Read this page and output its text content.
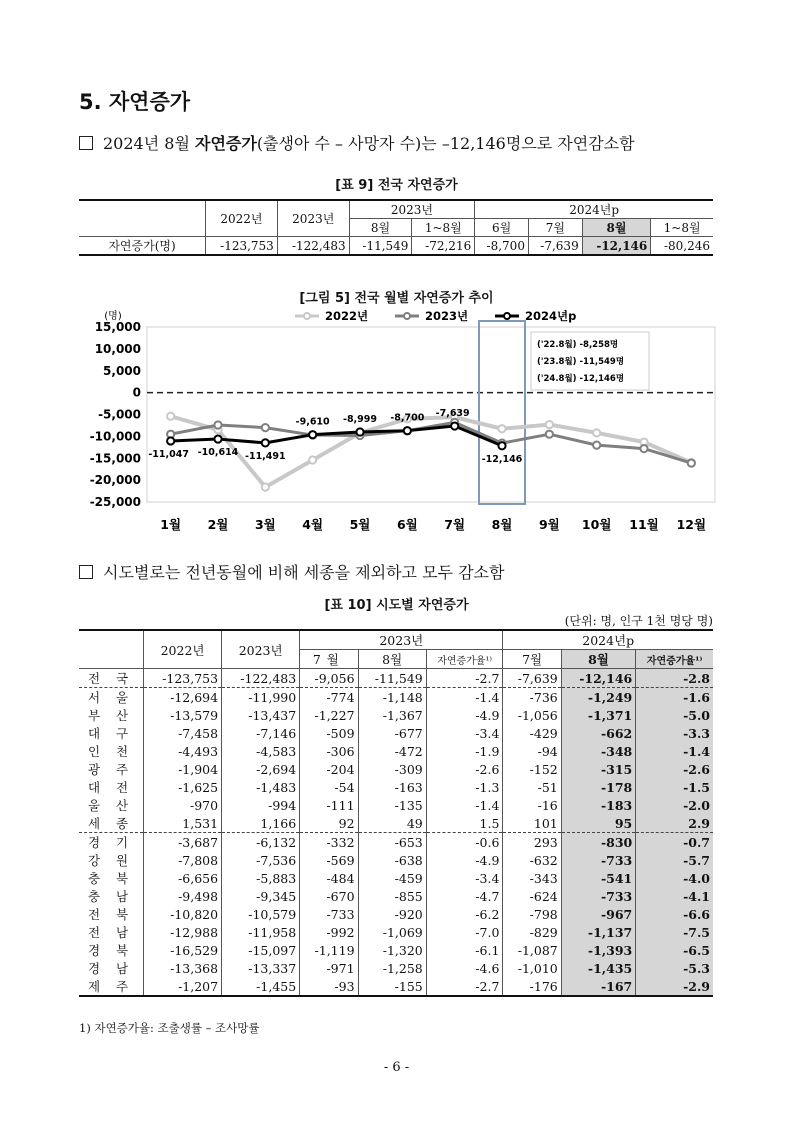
5. 자연증가
2024년 8월 자연증가(출생아 수 – 사망자 수)는 –12,146명으로 자연감소함
[표 9] 전국 자연증가
	2022년	2023년	2023년		2024년p			
			8월	1~8월	6월	7월	8월	1~8월
자연증가(명)	-123,753	-122,483	-11,549	-72,216	-8,700	-7,639	-12,146	-80,246
[그림 5] 전국 월별 자연증가 추이
15,000
10,000
5,000
0
-5,000
-10,000
-15,000
-20,000
-25,000
(명)
1월 2월 3월 4월 5월 6월 7월 8월 9월 10월 11월 12월
-11,047 -10,614 -11,491
-9,610 -8,999 -8,700 -7,639
-12,146
2022년	2023년	2024년p
('22.8월) -8,258명
('23.8월) -11,549명
('24.8월) -12,146명
시도별로는 전년동월에 비해 세종을 제외하고 모두 감소함
[표 10] 시도별 자연증가
(단위: 명, 인구 1천 명당 명)
	2022년	2023년	2023년			2024년p		
			7월	8월	자연증가율¹⁾	7월	8월	자연증가율¹⁾
전 국	-123,753	-122,483	-9,056	-11,549	-2.7	-7,639	-12,146	-2.8
서 울	-12,694	-11,990	-774	-1,148	-1.4	-736	-1,249	-1.6
부 산	-13,579	-13,437	-1,227	-1,367	-4.9	-1,056	-1,371	-5.0
대 구	-7,458	-7,146	-509	-677	-3.4	-429	-662	-3.3
인 천	-4,493	-4,583	-306	-472	-1.9	-94	-348	-1.4
광 주	-1,904	-2,694	-204	-309	-2.6	-152	-315	-2.6
대 전	-1,625	-1,483	-54	-163	-1.3	-51	-178	-1.5
울 산	-970	-994	-111	-135	-1.4	-16	-183	-2.0
세 종	1,531	1,166	92	49	1.5	101	95	2.9
경 기	-3,687	-6,132	-332	-653	-0.6	293	-830	-0.7
강 원	-7,808	-7,536	-569	-638	-4.9	-632	-733	-5.7
충 북	-6,656	-5,883	-484	-459	-3.4	-343	-541	-4.0
충 남	-9,498	-9,345	-670	-855	-4.7	-624	-733	-4.1
전 북	-10,820	-10,579	-733	-920	-6.2	-798	-967	-6.6
전 남	-12,988	-11,958	-992	-1,069	-7.0	-829	-1,137	-7.5
경 북	-16,529	-15,097	-1,119	-1,320	-6.1	-1,087	-1,393	-6.5
경 남	-13,368	-13,337	-971	-1,258	-4.6	-1,010	-1,435	-5.3
제 주	-1,207	-1,455	-93	-155	-2.7	-176	-167	-2.9
1) 자연증가율: 조출생률 – 조사망률
- 6 -
